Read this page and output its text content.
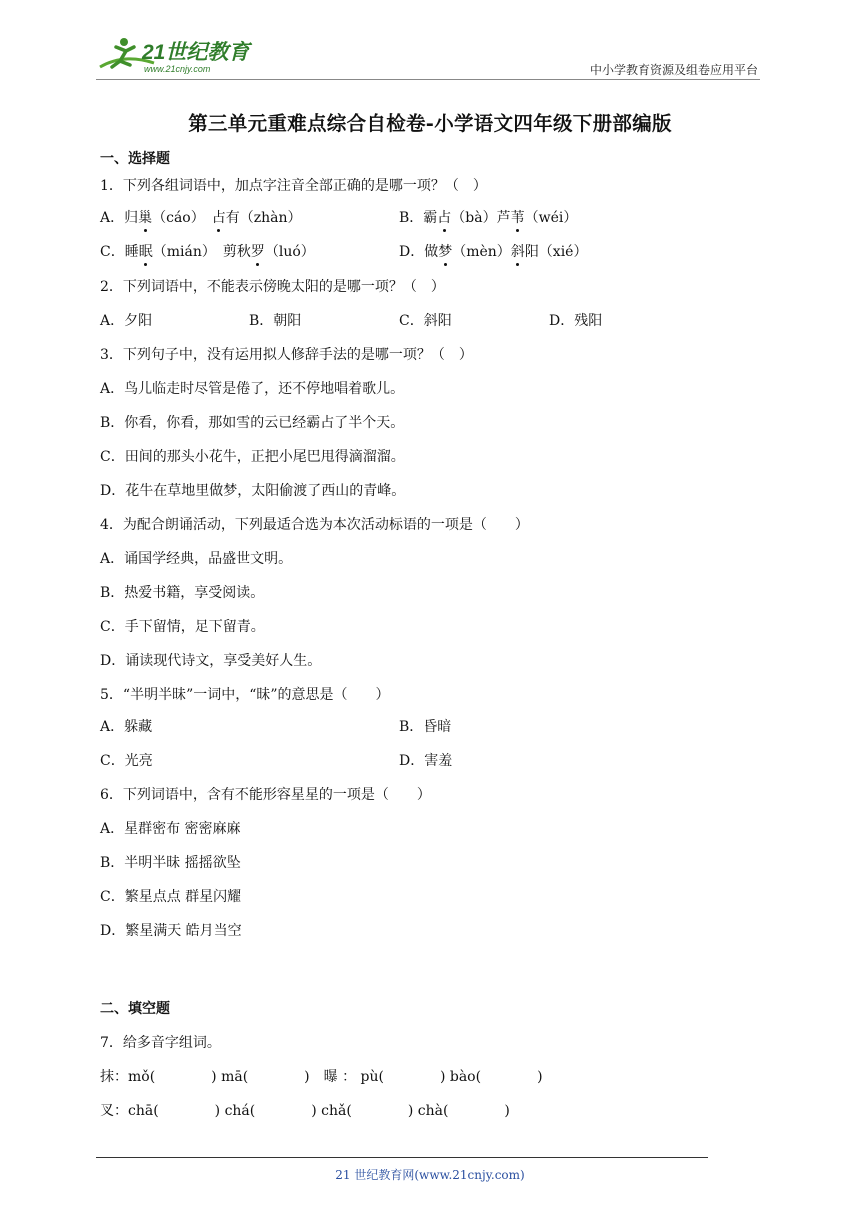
21世纪教育
www.21cnjy.com	中小学教育资源及组卷应用平台
第三单元重难点综合自检卷-小学语文四年级下册部编版
一、选择题
1．下列各组词语中，加点字注音全部正确的是哪一项？（　）
A．归巢（cáo）　占有（zhàn）	B．霸占（bà）芦苇（wéi）
C．睡眠（mián）　剪秋罗（luó）	D．做梦（mèn）斜阳（xié）
2．下列词语中，不能表示傍晚太阳的是哪一项？（　）
A．夕阳	B．朝阳	C．斜阳	D．残阳
3．下列句子中，没有运用拟人修辞手法的是哪一项？（　）
A．鸟儿临走时尽管是倦了，还不停地唱着歌儿。
B．你看，你看，那如雪的云已经霸占了半个天。
C．田间的那头小花牛，正把小尾巴甩得滴溜溜。
D．花牛在草地里做梦，太阳偷渡了西山的青峰。
4．为配合朗诵活动，下列最适合选为本次活动标语的一项是（　　）
A．诵国学经典，品盛世文明。
B．热爱书籍，享受阅读。
C．手下留情，足下留青。
D．诵读现代诗文，享受美好人生。
5．“半明半昧”一词中，“昧”的意思是（　　）
A．躲藏	B．昏暗
C．光亮	D．害羞
6．下列词语中，含有不能形容星星的一项是（　　）
A．星群密布 密密麻麻
B．半明半昧 摇摇欲坠
C．繁星点点 群星闪耀
D．繁星满天 皓月当空
二、填空题
7．给多音字组词。
抹：mǒ(　　　　) mā(　　　　)　曝 ： pù(　　　　) bào(　　　　)
叉：chā(　　　　) chá(　　　　) chǎ(　　　　) chà(　　　　)
21 世纪教育网(www.21cnjy.com)
